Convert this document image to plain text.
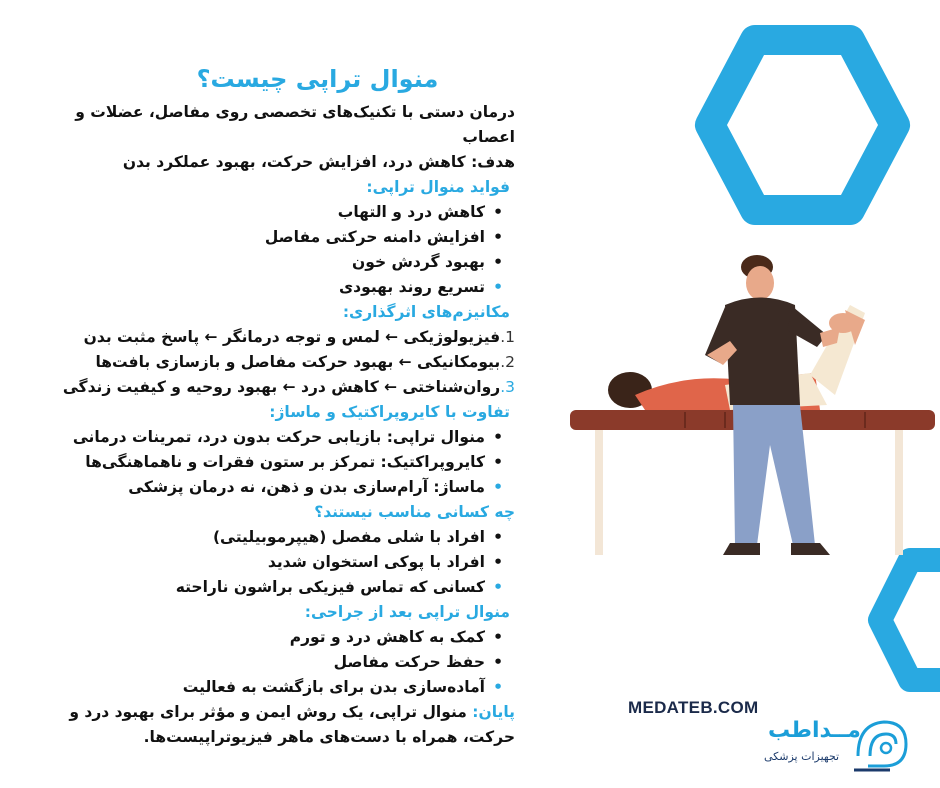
منوال تراپی چیست؟

درمان دستی با تکنیک‌های تخصصی روی مفاصل، عضلات و اعصاب

هدف: کاهش درد، افزایش حرکت، بهبود عملکرد بدن

فواید منوال تراپی:

• کاهش درد و التهاب
• افزایش دامنه حرکتی مفاصل
• بهبود گردش خون
• تسریع روند بهبودی

مکانیزم‌های اثرگذاری:

1.فیزیولوژیکی ← لمس و توجه درمانگر ← پاسخ مثبت بدن
2.بیومکانیکی ← بهبود حرکت مفاصل و بازسازی بافت‌ها
3.روان‌شناختی ← کاهش درد ← بهبود روحیه و کیفیت زندگی

تفاوت با کایروپراکتیک و ماساژ:

• منوال تراپی: بازیابی حرکت بدون درد، تمرینات درمانی
• کایروپراکتیک: تمرکز بر ستون فقرات و ناهماهنگی‌ها
• ماساژ: آرام‌سازی بدن و ذهن، نه درمان پزشکی

چه کسانی مناسب نیستند؟

• افراد با شلی مفصل (هیپرموبیلیتی)
• افراد با پوکی استخوان شدید
• کسانی که تماس فیزیکی براشون ناراحته

منوال تراپی بعد از جراحی:

• کمک به کاهش درد و تورم
• حفظ حرکت مفاصل
• آماده‌سازی بدن برای بازگشت به فعالیت

پایان: منوال تراپی، یک روش ایمن و مؤثر برای بهبود درد و حرکت، همراه با دست‌های ماهر فیزیوتراپیست‌ها.

MEDATEB.COM
مــداطب
تجهیزات پزشکی
